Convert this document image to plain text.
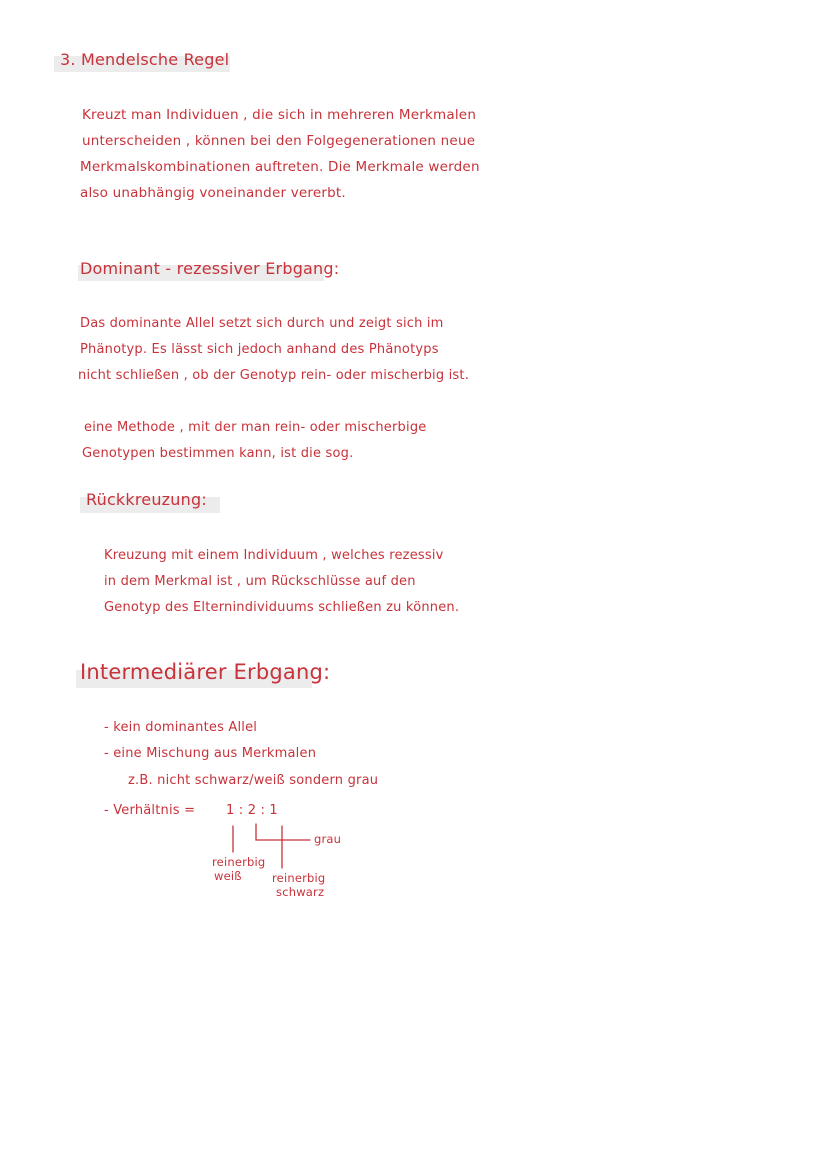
3. Mendelsche Regel
Kreuzt man Individuen , die sich in mehreren Merkmalen
unterscheiden , können bei den Folgegenerationen neue
Merkmalskombinationen auftreten. Die Merkmale werden
also unabhängig voneinander vererbt.
Dominant - rezessiver Erbgang:
Das dominante Allel setzt sich durch und zeigt sich im
Phänotyp. Es lässt sich jedoch anhand des Phänotyps
nicht schließen , ob der Genotyp rein- oder mischerbig ist.
eine Methode , mit der man rein- oder mischerbige
Genotypen bestimmen kann, ist die sog.
Rückkreuzung:
Kreuzung mit einem Individuum , welches rezessiv
in dem Merkmal ist , um Rückschlüsse auf den
Genotyp des Elternindividuums schließen zu können.
Intermediärer Erbgang:
- kein dominantes Allel
- eine Mischung aus Merkmalen
z.B. nicht schwarz/weiß sondern grau
- Verhältnis = 1 : 2 : 1
grau
reinerbig
weiß	reinerbig
schwarz
